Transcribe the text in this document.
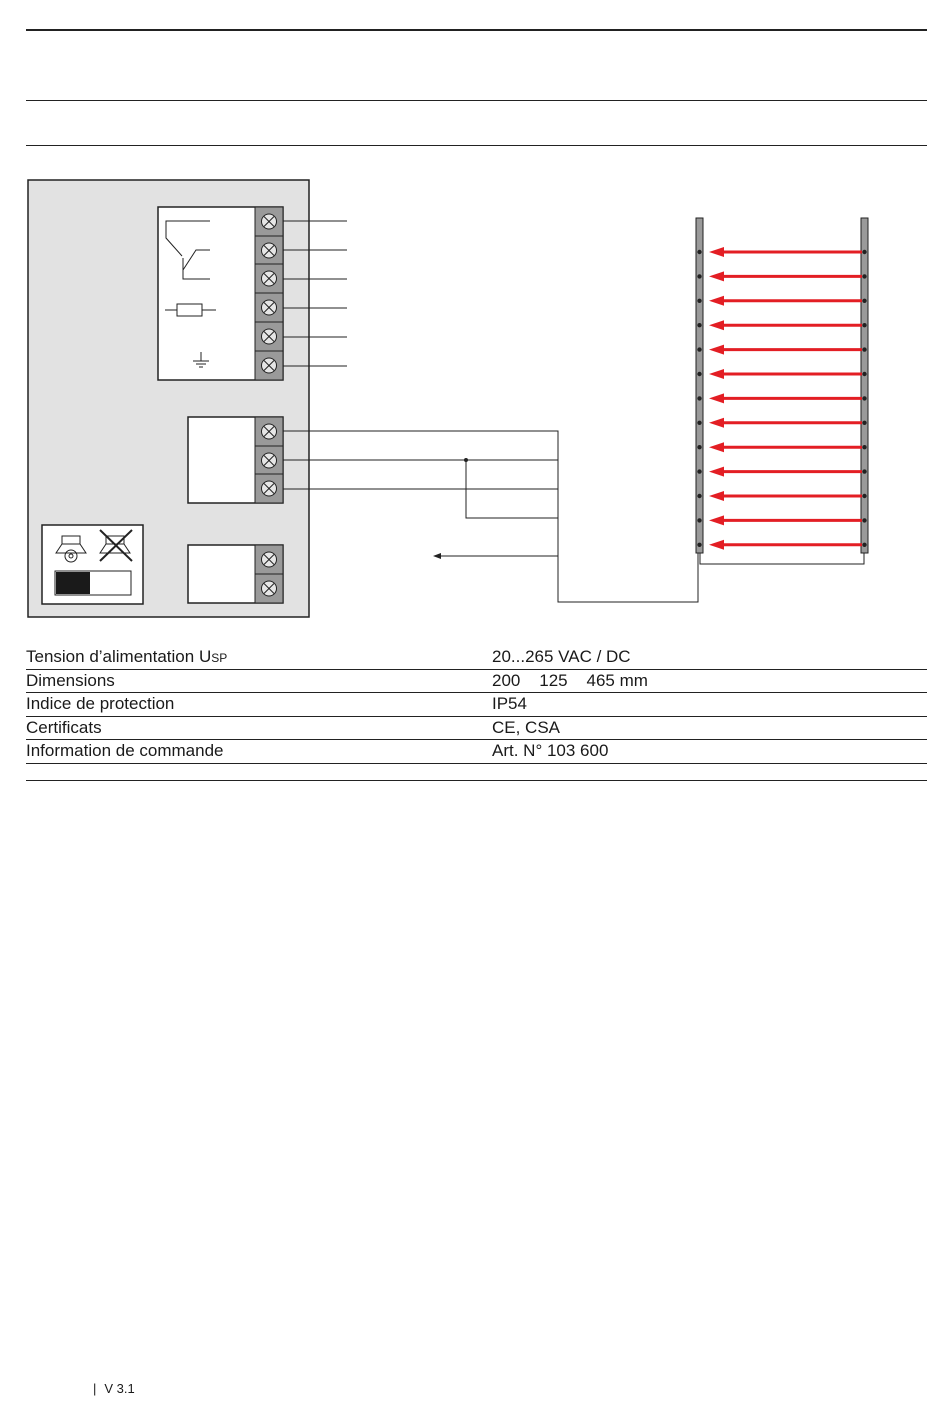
Tension d’alimentation USP	20...265 VAC / DC
Dimensions	200    125    465 mm
Indice de protection	IP54
Certificats	CE, CSA
Information de commande	Art. N° 103 600
| V 3.1
